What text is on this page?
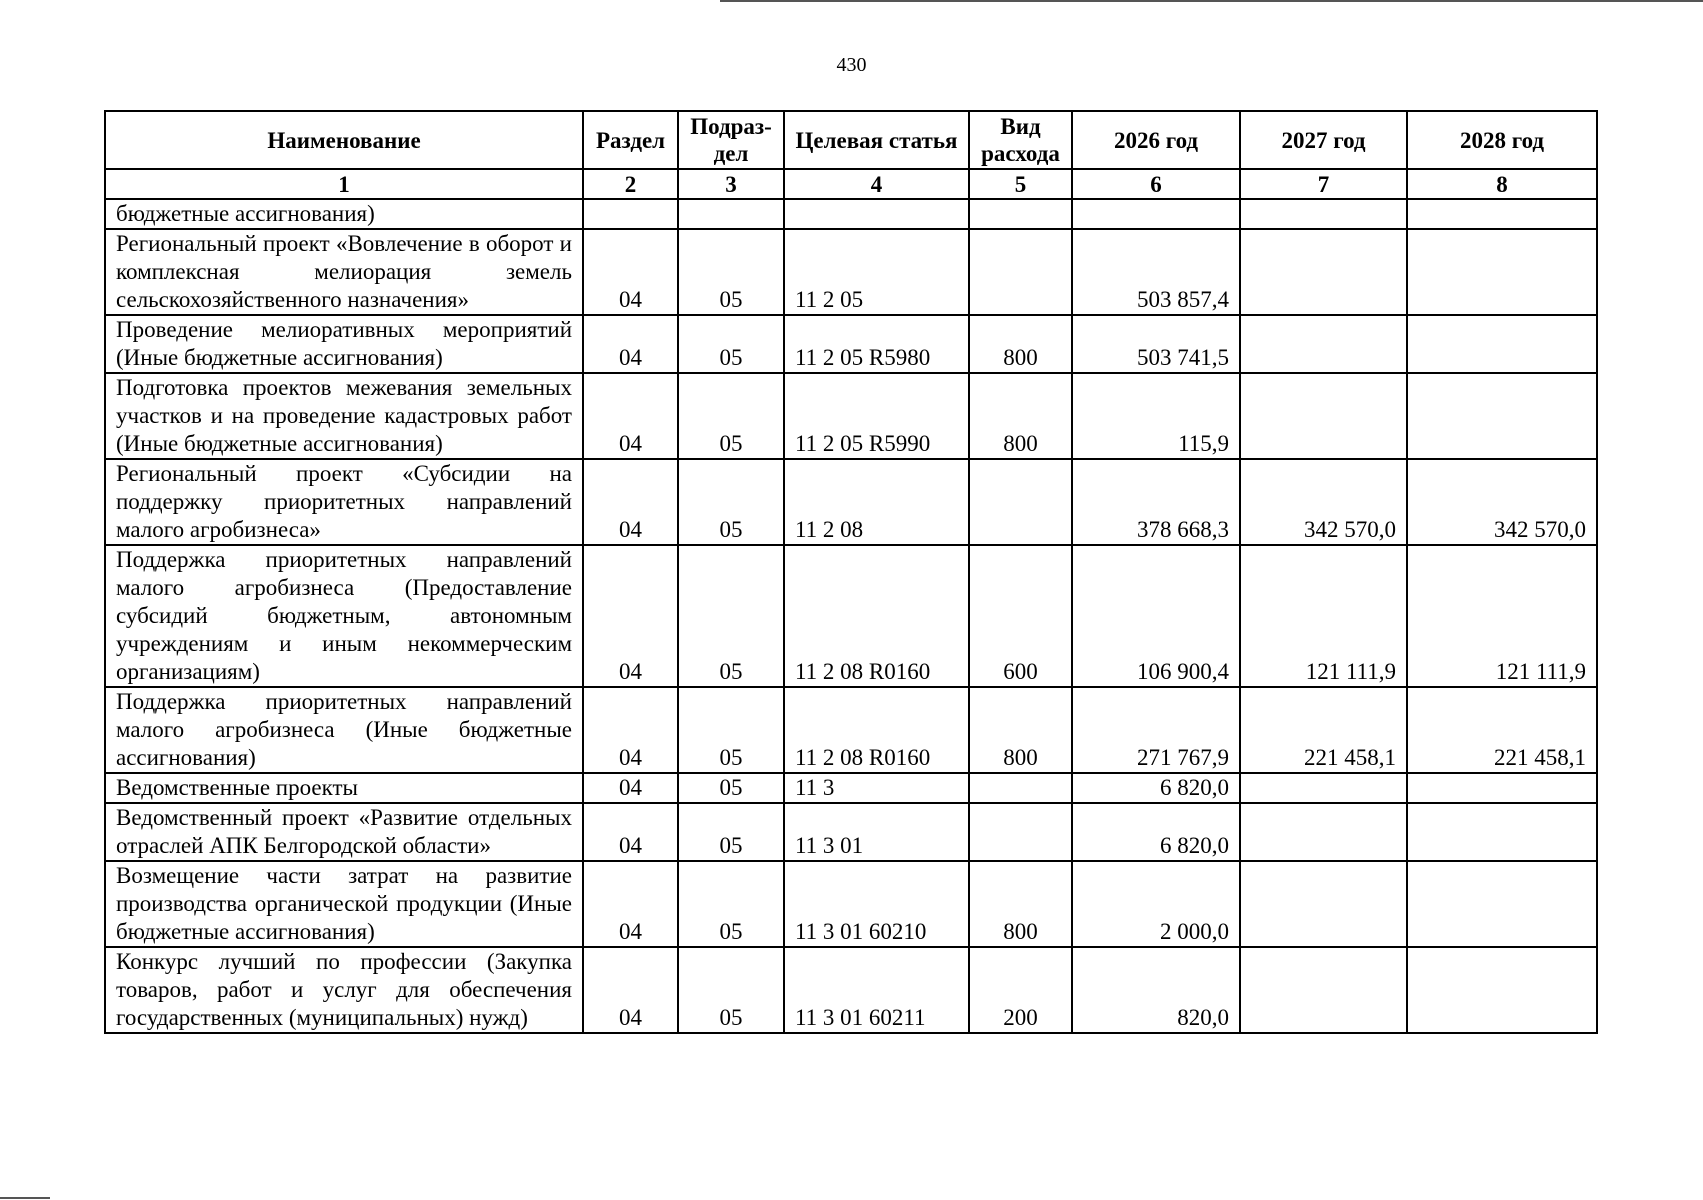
430
Наименование	Раздел	Подраз-дел	Целевая статья	Вид расхода	2026 год	2027 год	2028 год
1	2	3	4	5	6	7	8
бюджетные ассигнования)							
Региональный проект «Вовлечение в оборот и комплексная мелиорация земель сельскохозяйственного назначения»	04	05	11 2 05		503 857,4		
Проведение мелиоративных мероприятий (Иные бюджетные ассигнования)	04	05	11 2 05 R5980	800	503 741,5		
Подготовка проектов межевания земельных участков и на проведение кадастровых работ (Иные бюджетные ассигнования)	04	05	11 2 05 R5990	800	115,9		
Региональный проект «Субсидии на поддержку приоритетных направлений малого агробизнеса»	04	05	11 2 08		378 668,3	342 570,0	342 570,0
Поддержка приоритетных направлений малого агробизнеса (Предоставление субсидий бюджетным, автономным учреждениям и иным некоммерческим организациям)	04	05	11 2 08 R0160	600	106 900,4	121 111,9	121 111,9
Поддержка приоритетных направлений малого агробизнеса (Иные бюджетные ассигнования)	04	05	11 2 08 R0160	800	271 767,9	221 458,1	221 458,1
Ведомственные проекты	04	05	11 3		6 820,0		
Ведомственный проект «Развитие отдельных отраслей АПК Белгородской области»	04	05	11 3 01		6 820,0		
Возмещение части затрат на развитие производства органической продукции (Иные бюджетные ассигнования)	04	05	11 3 01 60210	800	2 000,0		
Конкурс лучший по профессии (Закупка товаров, работ и услуг для обеспечения государственных (муниципальных) нужд)	04	05	11 3 01 60211	200	820,0		
